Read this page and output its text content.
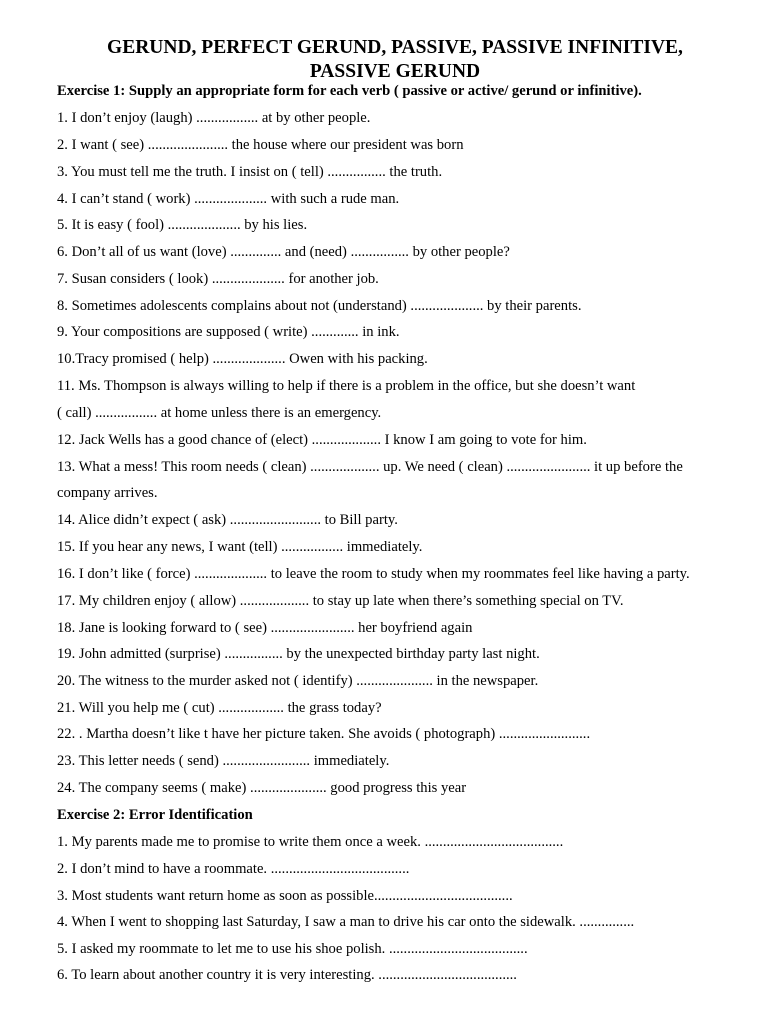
GERUND, PERFECT GERUND, PASSIVE, PASSIVE INFINITIVE,
PASSIVE GERUND

Exercise 1: Supply an appropriate form for each verb ( passive or active/ gerund or infinitive).

1. I don’t enjoy (laugh) ................. at by other people.

2. I want ( see) ...................... the house where our president was born

3. You must tell me the truth. I insist on ( tell) ................ the truth.

4. I can’t stand ( work) .................... with such a rude man.

5. It is easy ( fool) .................... by his lies.

6. Don’t all of us want (love) .............. and (need) ................ by other people?

7. Susan considers ( look) .................... for another job.

8. Sometimes adolescents complains about not (understand) .................... by their parents.

9. Your compositions are supposed ( write) ............. in ink.

10.Tracy promised ( help) .................... Owen with his packing.

11. Ms. Thompson is always willing to help if there is a problem in the office, but she doesn’t want

( call) ................. at home unless there is an emergency.

12. Jack Wells has a good chance of (elect) ................... I know I am going to vote for him.

13. What a mess! This room needs ( clean) ................... up. We need ( clean) ....................... it up before the

company arrives.

14. Alice didn’t expect ( ask) ......................... to Bill party.

15. If you hear any news, I want (tell) ................. immediately.

16. I don’t like ( force) .................... to leave the room to study when my roommates feel like having a party.

17. My children enjoy ( allow) ................... to stay up late when there’s something special on TV.

18. Jane is looking forward to ( see) ....................... her boyfriend again

19. John admitted (surprise) ................ by the unexpected birthday party last night.

20. The witness to the murder asked not ( identify) ..................... in the newspaper.

21. Will you help me ( cut) .................. the grass today?

22. . Martha doesn’t like t have her picture taken. She avoids ( photograph) .........................

23. This letter needs ( send) ........................ immediately.

24. The company seems ( make) ..................... good progress this year

Exercise 2: Error Identification

1. My parents made me to promise to write them once a week. ......................................

2. I don’t mind to have a roommate. ......................................

3. Most students want return home as soon as possible......................................

4. When I went to shopping last Saturday, I saw a man to drive his car onto the sidewalk. ...............

5. I asked my roommate to let me to use his shoe polish. ......................................

6. To learn about another country it is very interesting. ......................................
